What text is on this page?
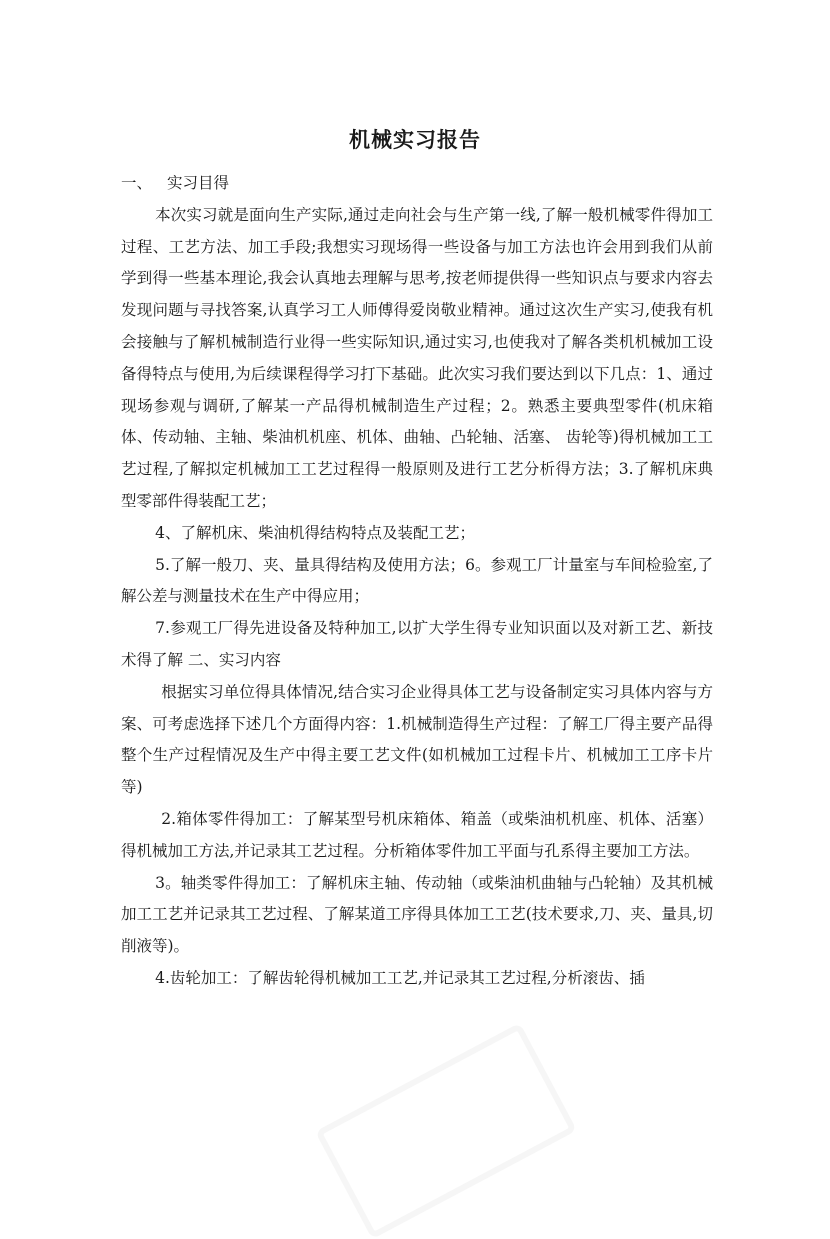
机械实习报告

一、 实习目得

本次实习就是面向生产实际,通过走向社会与生产第一线,了解一般机械零件得加工过程、工艺方法、加工手段;我想实习现场得一些设备与加工方法也许会用到我们从前学到得一些基本理论,我会认真地去理解与思考,按老师提供得一些知识点与要求内容去发现问题与寻找答案,认真学习工人师傅得爱岗敬业精神。通过这次生产实习,使我有机会接触与了解机械制造行业得一些实际知识,通过实习,也使我对了解各类机机械加工设备得特点与使用,为后续课程得学习打下基础。此次实习我们要达到以下几点：1、通过现场参观与调研,了解某一产品得机械制造生产过程；2。熟悉主要典型零件(机床箱体、传动轴、主轴、柴油机机座、机体、曲轴、凸轮轴、活塞、 齿轮等)得机械加工工艺过程,了解拟定机械加工工艺过程得一般原则及进行工艺分析得方法；3.了解机床典型零部件得装配工艺；

4、了解机床、柴油机得结构特点及装配工艺；

5.了解一般刀、夹、量具得结构及使用方法；6。参观工厂计量室与车间检验室,了解公差与测量技术在生产中得应用；

7.参观工厂得先进设备及特种加工,以扩大学生得专业知识面以及对新工艺、新技术得了解 二、实习内容

根据实习单位得具体情况,结合实习企业得具体工艺与设备制定实习具体内容与方案、可考虑选择下述几个方面得内容：1.机械制造得生产过程：了解工厂得主要产品得整个生产过程情况及生产中得主要工艺文件(如机械加工过程卡片、机械加工工序卡片等)

2.箱体零件得加工：了解某型号机床箱体、箱盖（或柴油机机座、机体、活塞）得机械加工方法,并记录其工艺过程。分析箱体零件加工平面与孔系得主要加工方法。

3。轴类零件得加工：了解机床主轴、传动轴（或柴油机曲轴与凸轮轴）及其机械加工工艺并记录其工艺过程、了解某道工序得具体加工工艺(技术要求,刀、夹、量具,切削液等)。

4.齿轮加工：了解齿轮得机械加工工艺,并记录其工艺过程,分析滚齿、插
